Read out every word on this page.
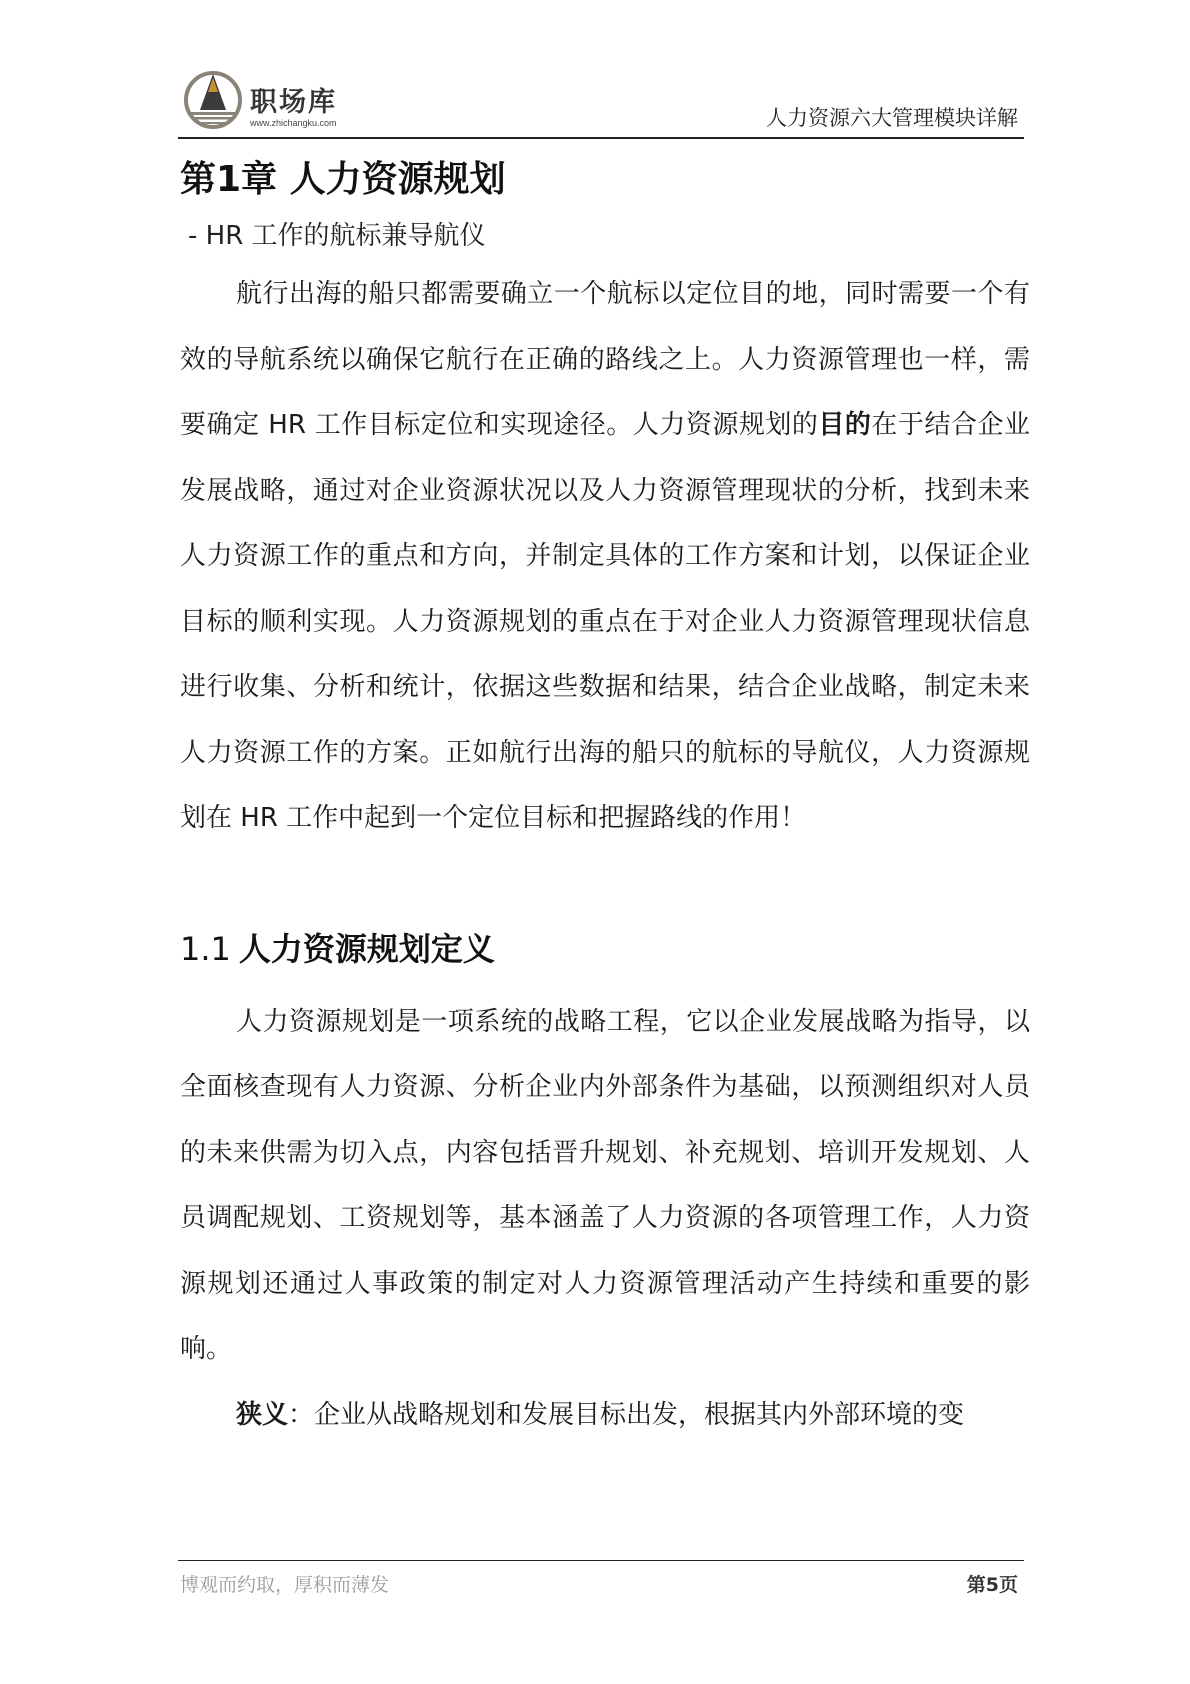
职场库
www.zhichangku.com	人力资源六大管理模块详解
第1章 人力资源规划
- HR 工作的航标兼导航仪

航行出海的船只都需要确立一个航标以定位目的地，同时需要一个有效的导航系统以确保它航行在正确的路线之上。人力资源管理也一样，需要确定 HR 工作目标定位和实现途径。人力资源规划的目的在于结合企业发展战略，通过对企业资源状况以及人力资源管理现状的分析，找到未来人力资源工作的重点和方向，并制定具体的工作方案和计划，以保证企业目标的顺利实现。人力资源规划的重点在于对企业人力资源管理现状信息进行收集、分析和统计，依据这些数据和结果，结合企业战略，制定未来人力资源工作的方案。正如航行出海的船只的航标的导航仪，人力资源规划在 HR 工作中起到一个定位目标和把握路线的作用！

1.1 人力资源规划定义

人力资源规划是一项系统的战略工程，它以企业发展战略为指导，以全面核查现有人力资源、分析企业内外部条件为基础，以预测组织对人员的未来供需为切入点，内容包括晋升规划、补充规划、培训开发规划、人员调配规划、工资规划等，基本涵盖了人力资源的各项管理工作，人力资源规划还通过人事政策的制定对人力资源管理活动产生持续和重要的影响。

狭义：企业从战略规划和发展目标出发，根据其内外部环境的变

博观而约取，厚积而薄发	第5页
